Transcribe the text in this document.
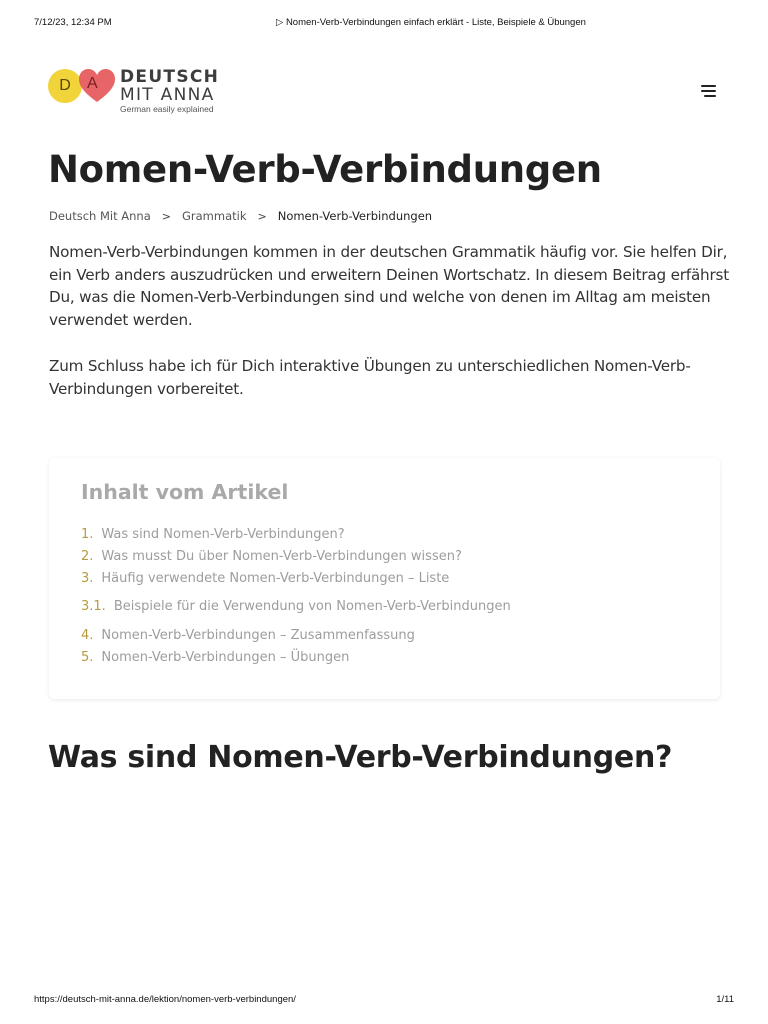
7/12/23, 12:34 PM	▷ Nomen-Verb-Verbindungen einfach erklärt - Liste, Beispiele & Übungen
D A DEUTSCH
MIT ANNA
German easily explained
Nomen-Verb-Verbindungen
Deutsch Mit Anna > Grammatik > Nomen-Verb-Verbindungen

Nomen-Verb-Verbindungen kommen in der deutschen Grammatik häufig vor. Sie helfen Dir, ein Verb anders auszudrücken und erweitern Deinen Wortschatz. In diesem Beitrag erfährst Du, was die Nomen-Verb-Verbindungen sind und welche von denen im Alltag am meisten verwendet werden.

Zum Schluss habe ich für Dich interaktive Übungen zu unterschiedlichen Nomen-Verb-Verbindungen vorbereitet.

Inhalt vom Artikel
1. Was sind Nomen-Verb-Verbindungen?
2. Was musst Du über Nomen-Verb-Verbindungen wissen?
3. Häufig verwendete Nomen-Verb-Verbindungen – Liste
3.1. Beispiele für die Verwendung von Nomen-Verb-Verbindungen
4. Nomen-Verb-Verbindungen – Zusammenfassung
5. Nomen-Verb-Verbindungen – Übungen
Was sind Nomen-Verb-Verbindungen?
https://deutsch-mit-anna.de/lektion/nomen-verb-verbindungen/	1/11
